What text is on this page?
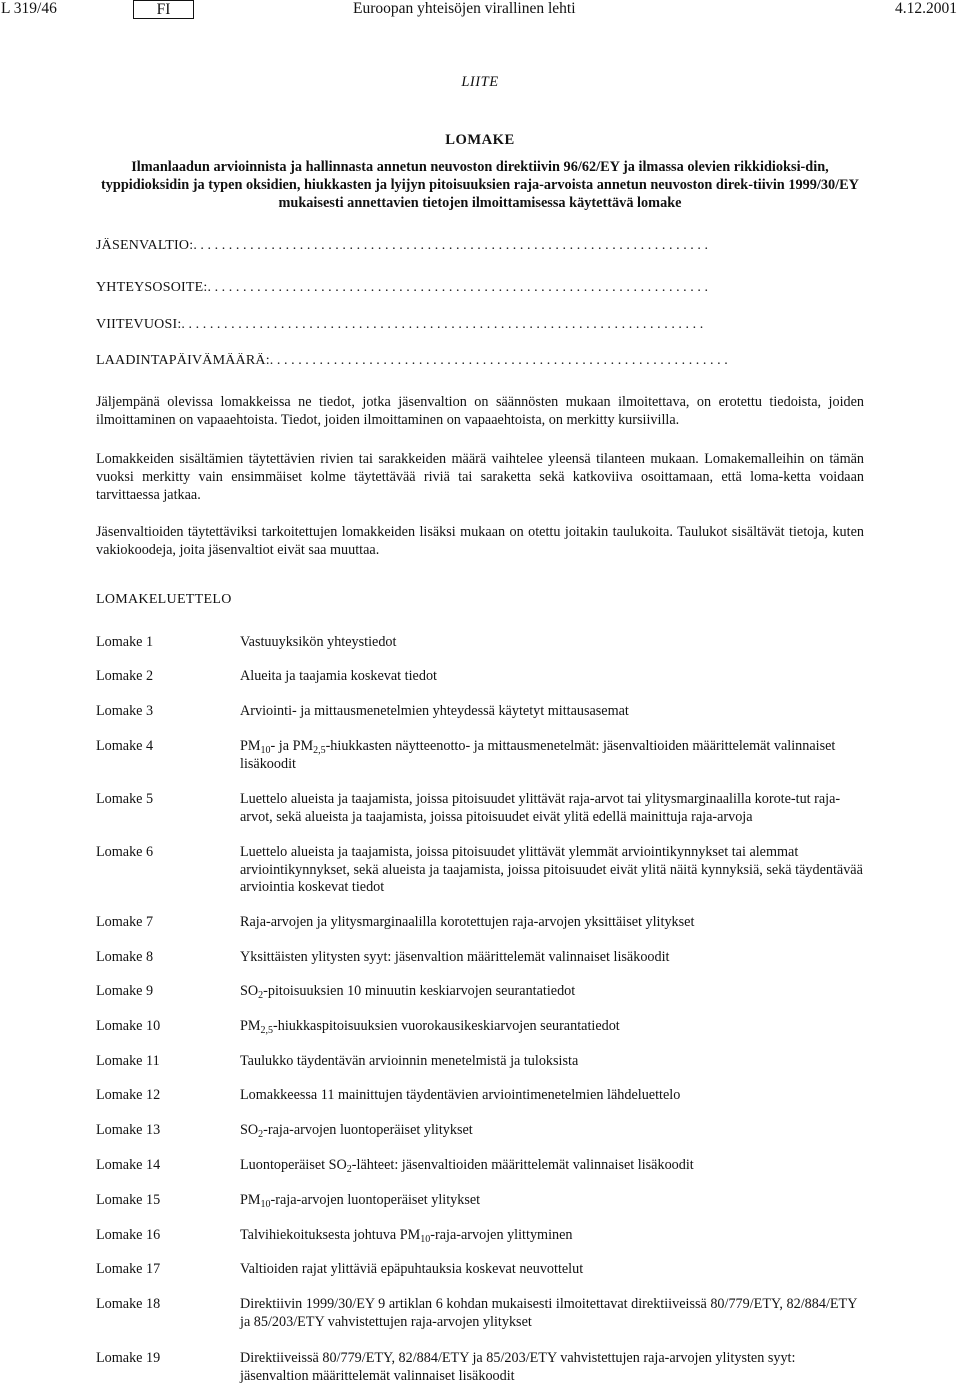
L 319/46	FI	Euroopan yhteisöjen virallinen lehti	4.12.2001
LIITE
LOMAKE
Ilmanlaadun arvioinnista ja hallinnasta annetun neuvoston direktiivin 96/62/EY ja ilmassa olevien rikkidioksi-din, typpidioksidin ja typen oksidien, hiukkasten ja lyijyn pitoisuuksien raja-arvoista annetun neuvoston direk-tiivin 1999/30/EY mukaisesti annettavien tietojen ilmoittamisessa käytettävä lomake
JÄSENVALTIO:.........................................................................
YHTEYSOSOITE:.......................................................................
VIITEVUOSI:..........................................................................
LAADINTAPÄIVÄMÄÄRÄ:.................................................................
Jäljempänä olevissa lomakkeissa ne tiedot, jotka jäsenvaltion on säännösten mukaan ilmoitettava, on erotettu tiedoista, joiden ilmoittaminen on vapaaehtoista. Tiedot, joiden ilmoittaminen on vapaaehtoista, on merkitty kursiivilla.
Lomakkeiden sisältämien täytettävien rivien tai sarakkeiden määrä vaihtelee yleensä tilanteen mukaan. Lomakemalleihin on tämän vuoksi merkitty vain ensimmäiset kolme täytettävää riviä tai saraketta sekä katkoviiva osoittamaan, että loma-ketta voidaan tarvittaessa jatkaa.
Jäsenvaltioiden täytettäviksi tarkoitettujen lomakkeiden lisäksi mukaan on otettu joitakin taulukoita. Taulukot sisältävät tietoja, kuten vakiokoodeja, joita jäsenvaltiot eivät saa muuttaa.
LOMAKELUETTELO
Lomake 1	Vastuuyksikön yhteystiedot
Lomake 2	Alueita ja taajamia koskevat tiedot
Lomake 3	Arviointi- ja mittausmenetelmien yhteydessä käytetyt mittausasemat
Lomake 4	$PM_{10}-$ ja $PM_{2,5}$-hiukkasten näytteenotto- ja mittausmenetelmät: jäsenvaltioiden määrittelemät valinnaiset lisäkoodit
Lomake 5	Luettelo alueista ja taajamista, joissa pitoisuudet ylittävät raja-arvot tai ylitysmarginaalilla korote-tut raja-arvot, sekä alueista ja taajamista, joissa pitoisuudet eivät ylitä edellä mainittuja raja-arvoja
Lomake 6	Luettelo alueista ja taajamista, joissa pitoisuudet ylittävät ylemmät arviointikynnykset tai alemmat arviointikynnykset, sekä alueista ja taajamista, joissa pitoisuudet eivät ylitä näitä kynnyksiä, sekä täydentävää arviointia koskevat tiedot
Lomake 7	Raja-arvojen ja ylitysmarginaalilla korotettujen raja-arvojen yksittäiset ylitykset
Lomake 8	Yksittäisten ylitysten syyt: jäsenvaltion määrittelemät valinnaiset lisäkoodit
Lomake 9	$SO_2$-pitoisuuksien 10 minuutin keskiarvojen seurantatiedot
Lomake 10	$PM_{2,5}$-hiukkaspitoisuuksien vuorokausikeskiarvojen seurantatiedot
Lomake 11	Taulukko täydentävän arvioinnin menetelmistä ja tuloksista
Lomake 12	Lomakkeessa 11 mainittujen täydentävien arviointimenetelmien lähdeluettelo
Lomake 13	$SO_2-raja$-arvojen luontoperäiset ylitykset
Lomake 14	Luontoperäiset $SO_2$-lähteet: jäsenvaltioiden määrittelemät valinnaiset lisäkoodit
Lomake 15	$PM_{10}-raja$-arvojen luontoperäiset ylitykset
Lomake 16	Talvihiekoituksesta johtuva $PM_{10}-raja$-arvojen ylittyminen
Lomake 17	Valtioiden rajat ylittäviä epäpuhtauksia koskevat neuvottelut
Lomake 18	Direktiivin 1999/30/EY 9 artiklan 6 kohdan mukaisesti ilmoitettavat direktiiveissä 80/779/ETY, 82/884/ETY ja 85/203/ETY vahvistettujen raja-arvojen ylitykset
Lomake 19	Direktiiveissä 80/779/ETY, 82/884/ETY ja 85/203/ETY vahvistettujen raja-arvojen ylitysten syyt: jäsenvaltion määrittelemät valinnaiset lisäkoodit
